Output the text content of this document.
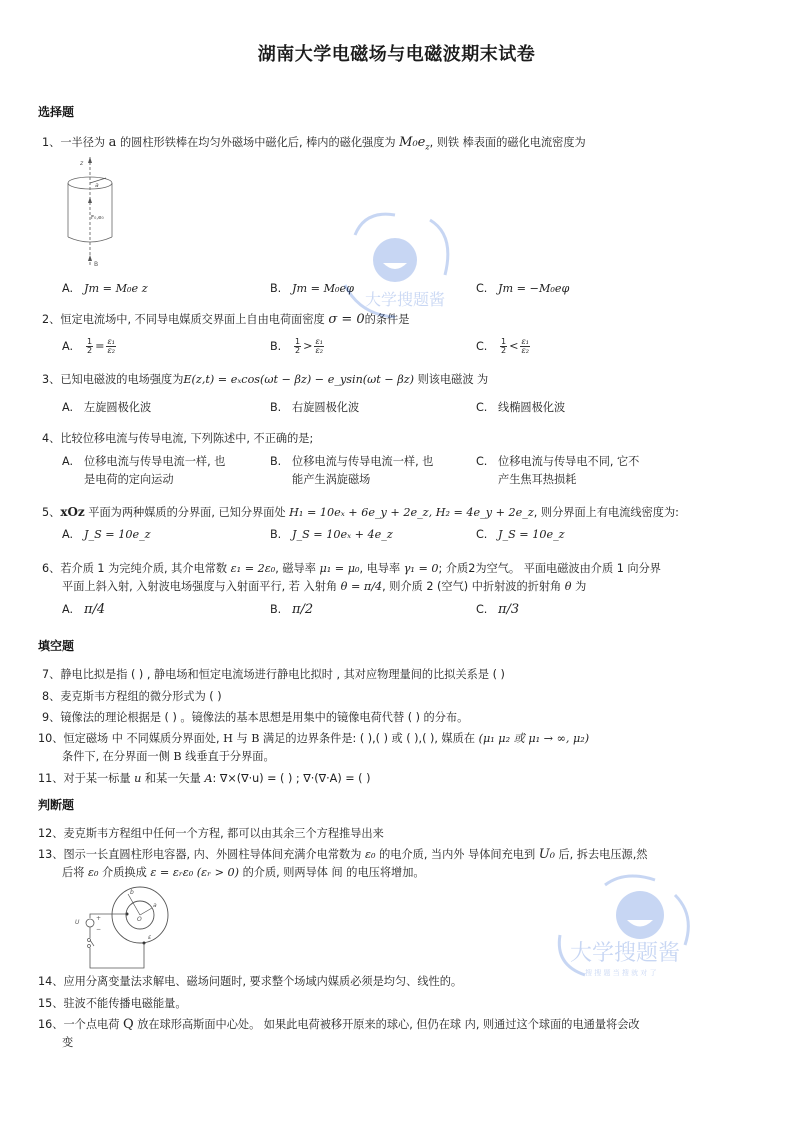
湖南大学电磁场与电磁波期末试卷
选择题
1、一半径为 a 的圆柱形铁棒在均匀外磁场中磁化后, 棒内的磁化强度为 $M_0e_z$, 则铁 棒表面的磁化电流密度为
z
a
F₀,e₀
B
A. Jm = M₀e z	B. Jm = M₀eφ	C. Jm = −M₀eφ
2、恒定电流场中, 不同导电媒质交界面上自由电荷面密度 σ = 0的条件是
A. $\frac{1}{2} = \frac{\text{ε₁}}{\text{ε₂}}$	B. $\frac{1}{2} > \frac{\text{ε₁}}{\text{ε₂}}$	C. $\frac{1}{2} < \frac{\text{ε₁}}{\text{ε₂}}$
3、已知电磁波的电场强度为E(z,t) = eₓcos(ωt − βz) − e_ysin(ωt − βz) 则该电磁波 为
A. 左旋圆极化波	B. 右旋圆极化波	C. 线椭圆极化波
4、比较位移电流与传导电流, 下列陈述中, 不正确的是;
A. 位移电流与传导电流一样, 也
是电荷的定向运动
B. 位移电流与传导电流一样, 也
能产生涡旋磁场
C. 位移电流与传导电不同, 它不
产生焦耳热损耗
5、xOz 平面为两种媒质的分界面, 已知分界面处 H₁ = 10eₓ + 6e_y + 2e_z, H₂ = 4e_y + 2e_z, 则分界面上有电流线密度为:
A. J_S = 10e_z	B. J_S = 10eₓ + 4e_z	C. J_S = 10e_z
6、若介质 1 为完纯介质, 其介电常数 ε₁ = 2ε₀, 磁导率 μ₁ = μ₀, 电导率 γ₁ = 0; 介质2为空气。 平面电磁波由介质 1 向分界
平面上斜入射, 入射波电场强度与入射面平行, 若 入射角 θ = π/4, 则介质 2 (空气) 中折射波的折射角 θ 为
A. π/4	B. π/2	C. π/3
填空题
7、静电比拟是指 ( ) , 静电场和恒定电流场进行静电比拟时 , 其对应物理量间的比拟关系是 ( )
8、麦克斯韦方程组的微分形式为 ( )
9、镜像法的理论根据是 ( ) 。镜像法的基本思想是用集中的镜像电荷代替 ( ) 的分布。
10、恒定磁场 中 不同媒质分界面处, H 与 B 满足的边界条件是: ( ),( ) 或 ( ),( ), 媒质在 (μ₁ μ₂ 或 μ₁ → ∞, μ₂)
条件下, 在分界面一侧 B 线垂直于分界面。
11、对于某一标量 u 和某一矢量 A: ∇×(∇·u) = ( ) ; ∇·(∇·A) = ( )
判断题
12、麦克斯韦方程组中任何一个方程, 都可以由其余三个方程推导出来
13、图示一长直圆柱形电容器, 内、外圆柱导体间充满介电常数为 ε₀ 的电介质, 当内外 导体间充电到 U₀ 后, 拆去电压源,然
后将 ε₀ 介质换成 ε = εᵣε₀ (εᵣ > 0) 的介质, 则两导体 间 的电压将增加。
b
a
O
U
+
−
ε
14、应用分离变量法求解电、磁场问题时, 要求整个场域内媒质必须是均匀、线性的。
15、驻波不能传播电磁能量。
16、一个点电荷 Q 放在球形高斯面中心处。 如果此电荷被移开原来的球心, 但仍在球 内, 则通过这个球面的电通量将会改
变
大学搜题酱
大学搜题酱
搜 搜 题 当 搜 就 对 了
